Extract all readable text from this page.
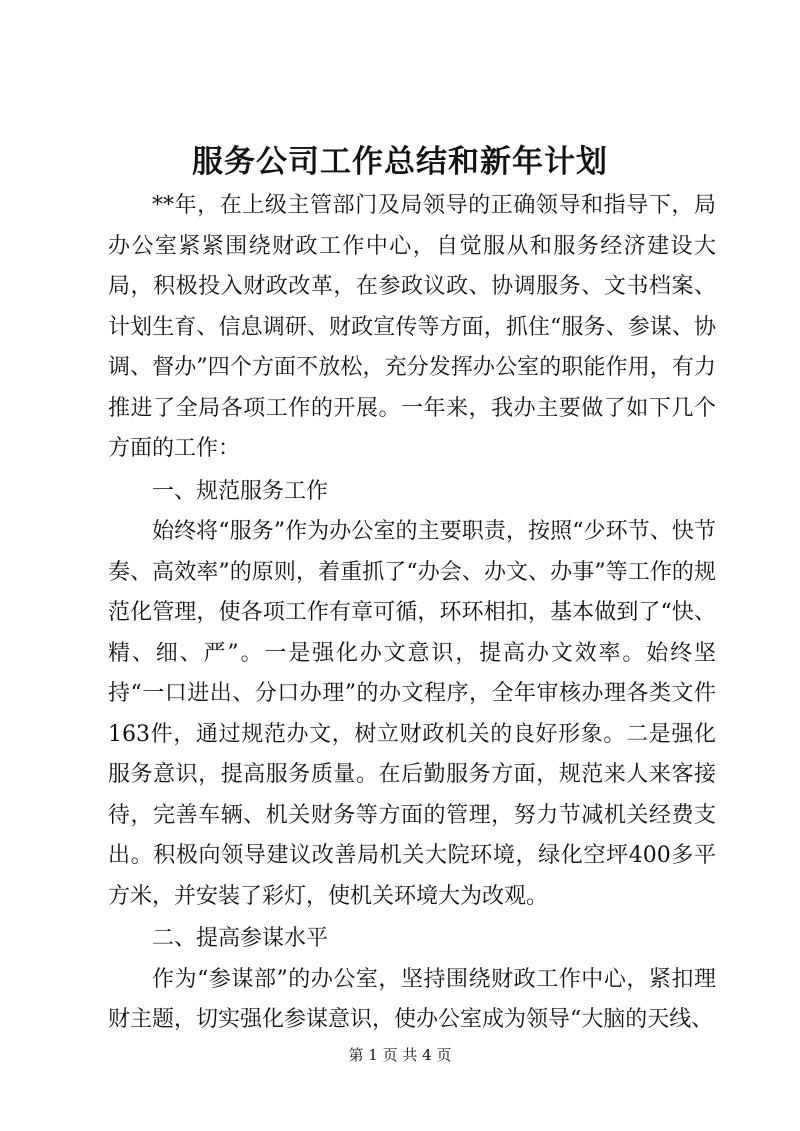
服务公司工作总结和新年计划

**年，在上级主管部门及局领导的正确领导和指导下，局办公室紧紧围绕财政工作中心，自觉服从和服务经济建设大局，积极投入财政改革，在参政议政、协调服务、文书档案、计划生育、信息调研、财政宣传等方面，抓住“服务、参谋、协调、督办”四个方面不放松，充分发挥办公室的职能作用，有力推进了全局各项工作的开展。一年来，我办主要做了如下几个方面的工作：

一、规范服务工作

始终将“服务”作为办公室的主要职责，按照“少环节、快节奏、高效率”的原则，着重抓了“办会、办文、办事”等工作的规范化管理，使各项工作有章可循，环环相扣，基本做到了“快、精、细、严”。一是强化办文意识，提高办文效率。始终坚持“一口进出、分口办理”的办文程序，全年审核办理各类文件163件，通过规范办文，树立财政机关的良好形象。二是强化服务意识，提高服务质量。在后勤服务方面，规范来人来客接待，完善车辆、机关财务等方面的管理，努力节减机关经费支出。积极向领导建议改善局机关大院环境，绿化空坪400多平方米，并安装了彩灯，使机关环境大为改观。

二、提高参谋水平

作为“参谋部”的办公室，坚持围绕财政工作中心，紧扣理财主题，切实强化参谋意识，使办公室成为领导“大脑的天线、

第 1 页 共 4 页
